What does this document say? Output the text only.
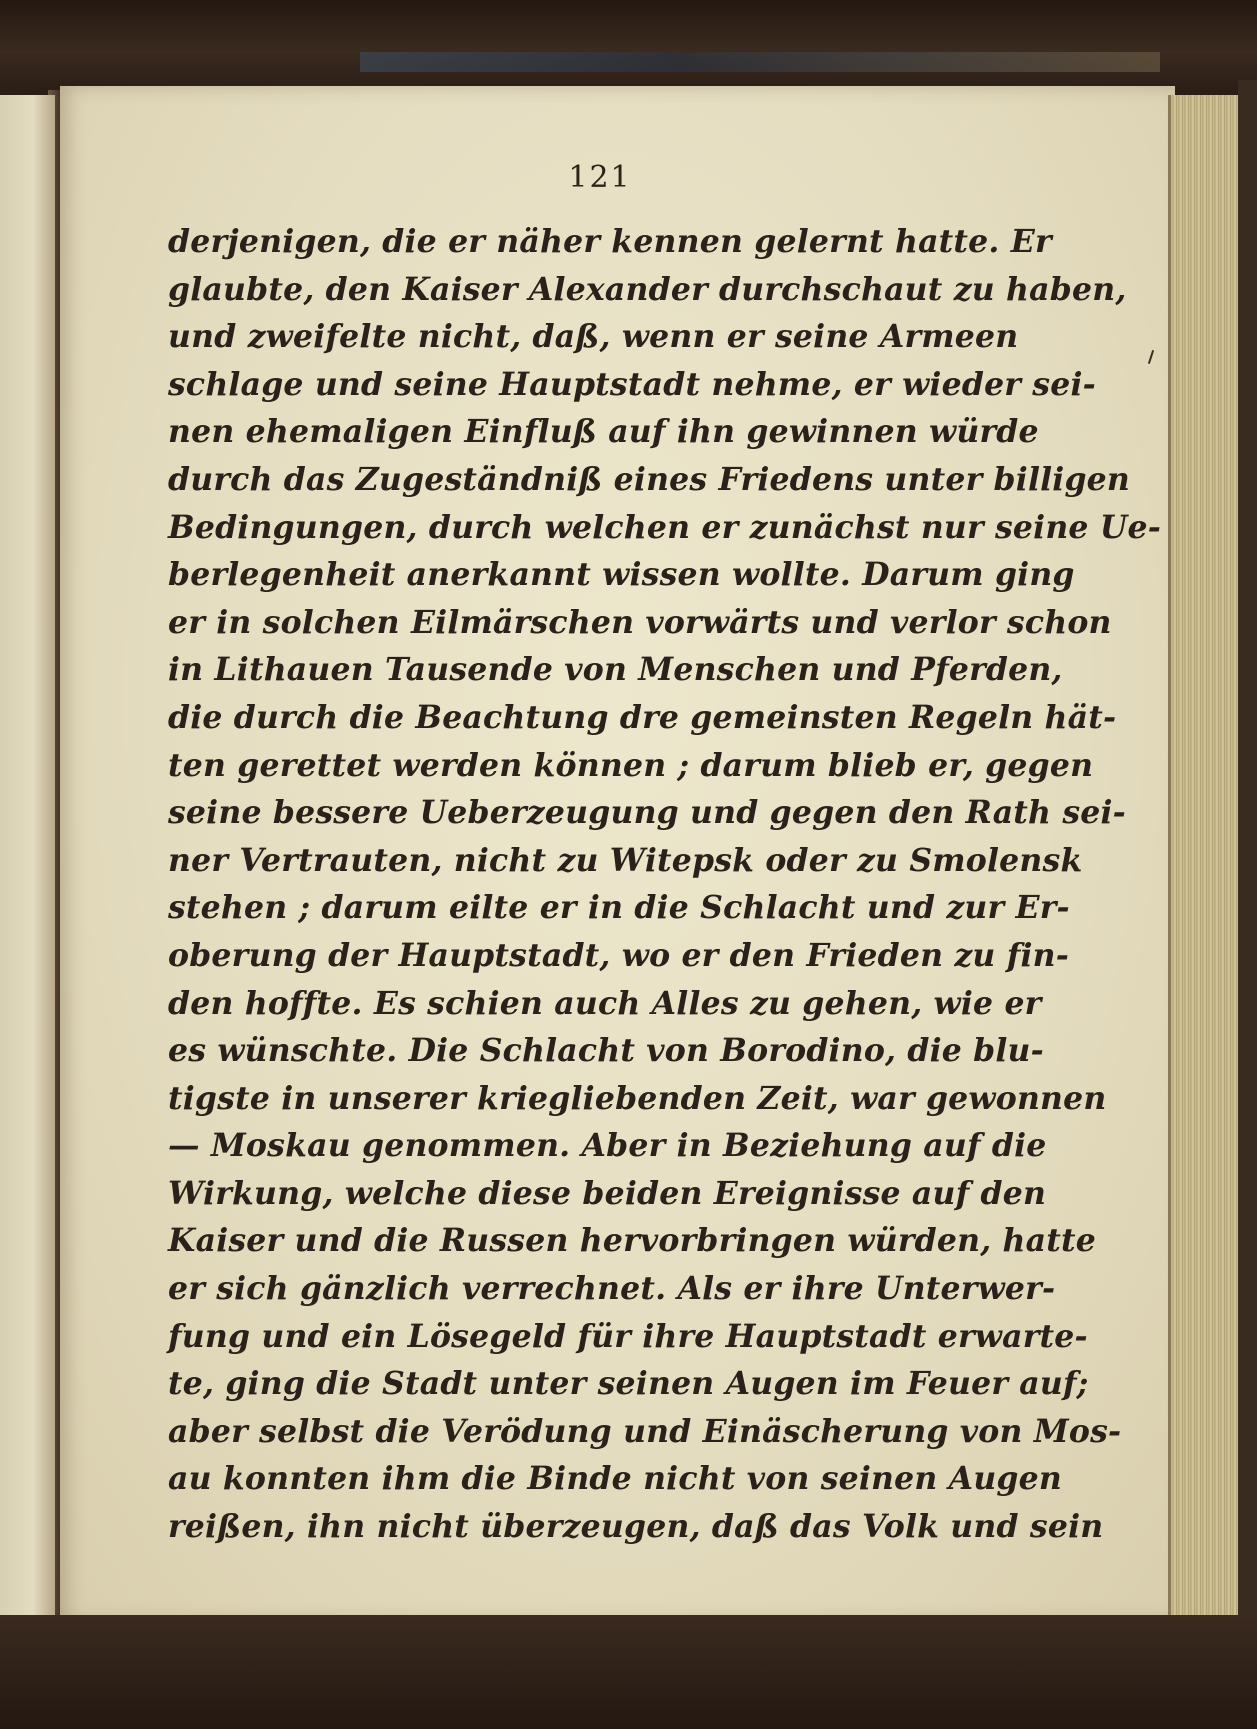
121
derjenigen, die er näher kennen gelernt hatte. Er
glaubte, den Kaiser Alexander durchschaut zu haben,
und zweifelte nicht, daß, wenn er seine Armeen
schlage und seine Hauptstadt nehme, er wieder sei-
nen ehemaligen Einfluß auf ihn gewinnen würde
durch das Zugeständniß eines Friedens unter billigen
Bedingungen, durch welchen er zunächst nur seine Ue-
berlegenheit anerkannt wissen wollte. Darum ging
er in solchen Eilmärschen vorwärts und verlor schon
in Lithauen Tausende von Menschen und Pferden,
die durch die Beachtung dre gemeinsten Regeln hät-
ten gerettet werden können ; darum blieb er, gegen
seine bessere Ueberzeugung und gegen den Rath sei-
ner Vertrauten, nicht zu Witepsk oder zu Smolensk
stehen ; darum eilte er in die Schlacht und zur Er-
oberung der Hauptstadt, wo er den Frieden zu fin-
den hoffte. Es schien auch Alles zu gehen, wie er
es wünschte. Die Schlacht von Borodino, die blu-
tigste in unserer kriegliebenden Zeit, war gewonnen
— Moskau genommen. Aber in Beziehung auf die
Wirkung, welche diese beiden Ereignisse auf den
Kaiser und die Russen hervorbringen würden, hatte
er sich gänzlich verrechnet. Als er ihre Unterwer-
fung und ein Lösegeld für ihre Hauptstadt erwarte-
te, ging die Stadt unter seinen Augen im Feuer auf;
aber selbst die Verödung und Einäscherung von Mos-
au konnten ihm die Binde nicht von seinen Augen
reißen, ihn nicht überzeugen, daß das Volk und sein
